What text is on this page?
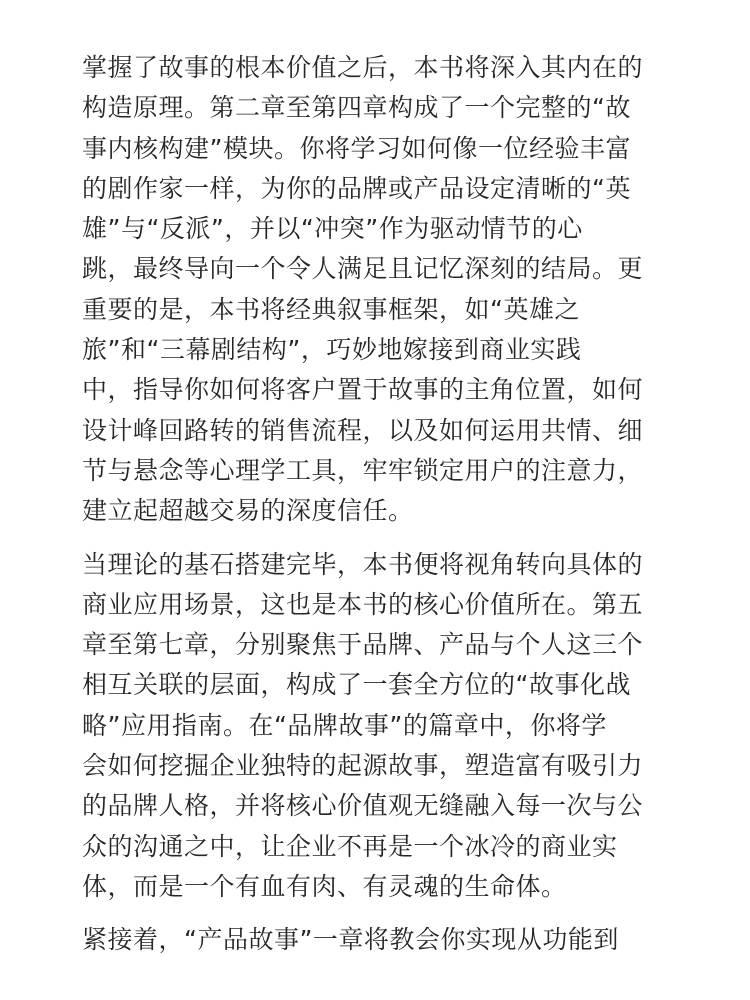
掌握了故事的根本价值之后，本书将深入其内在的
构造原理。第二章至第四章构成了一个完整的“故
事内核构建”模块。你将学习如何像一位经验丰富
的剧作家一样，为你的品牌或产品设定清晰的“英
雄”与“反派”，并以“冲突”作为驱动情节的心
跳，最终导向一个令人满足且记忆深刻的结局。更
重要的是，本书将经典叙事框架，如“英雄之
旅”和“三幕剧结构”，巧妙地嫁接到商业实践
中，指导你如何将客户置于故事的主角位置，如何
设计峰回路转的销售流程，以及如何运用共情、细
节与悬念等心理学工具，牢牢锁定用户的注意力，
建立起超越交易的深度信任。

当理论的基石搭建完毕，本书便将视角转向具体的
商业应用场景，这也是本书的核心价值所在。第五
章至第七章，分别聚焦于品牌、产品与个人这三个
相互关联的层面，构成了一套全方位的“故事化战
略”应用指南。在“品牌故事”的篇章中，你将学
会如何挖掘企业独特的起源故事，塑造富有吸引力
的品牌人格，并将核心价值观无缝融入每一次与公
众的沟通之中，让企业不再是一个冰冷的商业实
体，而是一个有血有肉、有灵魂的生命体。

紧接着，“产品故事”一章将教会你实现从功能到
